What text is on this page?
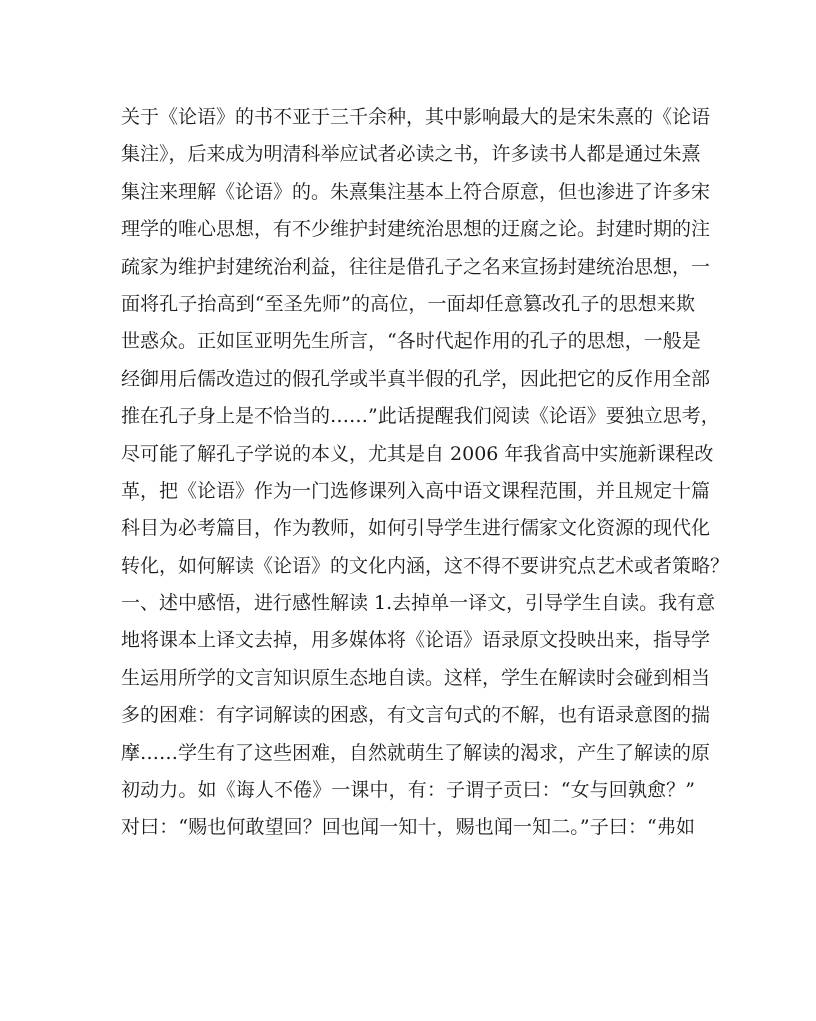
关于《论语》的书不亚于三千余种，其中影响最大的是宋朱熹的《论语
集注》，后来成为明清科举应试者必读之书，许多读书人都是通过朱熹
集注来理解《论语》的。朱熹集注基本上符合原意，但也渗进了许多宋
理学的唯心思想，有不少维护封建统治思想的迂腐之论。封建时期的注
疏家为维护封建统治利益，往往是借孔子之名来宣扬封建统治思想，一
面将孔子抬高到“至圣先师”的高位，一面却任意篡改孔子的思想来欺
世惑众。正如匡亚明先生所言，“各时代起作用的孔子的思想，一般是
经御用后儒改造过的假孔学或半真半假的孔学，因此把它的反作用全部
推在孔子身上是不恰当的……”此话提醒我们阅读《论语》要独立思考，
尽可能了解孔子学说的本义，尤其是自 2006 年我省高中实施新课程改
革，把《论语》作为一门选修课列入高中语文课程范围，并且规定十篇
科目为必考篇目，作为教师，如何引导学生进行儒家文化资源的现代化
转化，如何解读《论语》的文化内涵，这不得不要讲究点艺术或者策略？
一、述中感悟，进行感性解读 1.去掉单一译文，引导学生自读。我有意
地将课本上译文去掉，用多媒体将《论语》语录原文投映出来，指导学
生运用所学的文言知识原生态地自读。这样，学生在解读时会碰到相当
多的困难：有字词解读的困惑，有文言句式的不解，也有语录意图的揣
摩……学生有了这些困难，自然就萌生了解读的渴求，产生了解读的原
初动力。如《诲人不倦》一课中，有：子谓子贡曰：“女与回孰愈？”
对曰：“赐也何敢望回？回也闻一知十，赐也闻一知二。”子曰：“弗如
